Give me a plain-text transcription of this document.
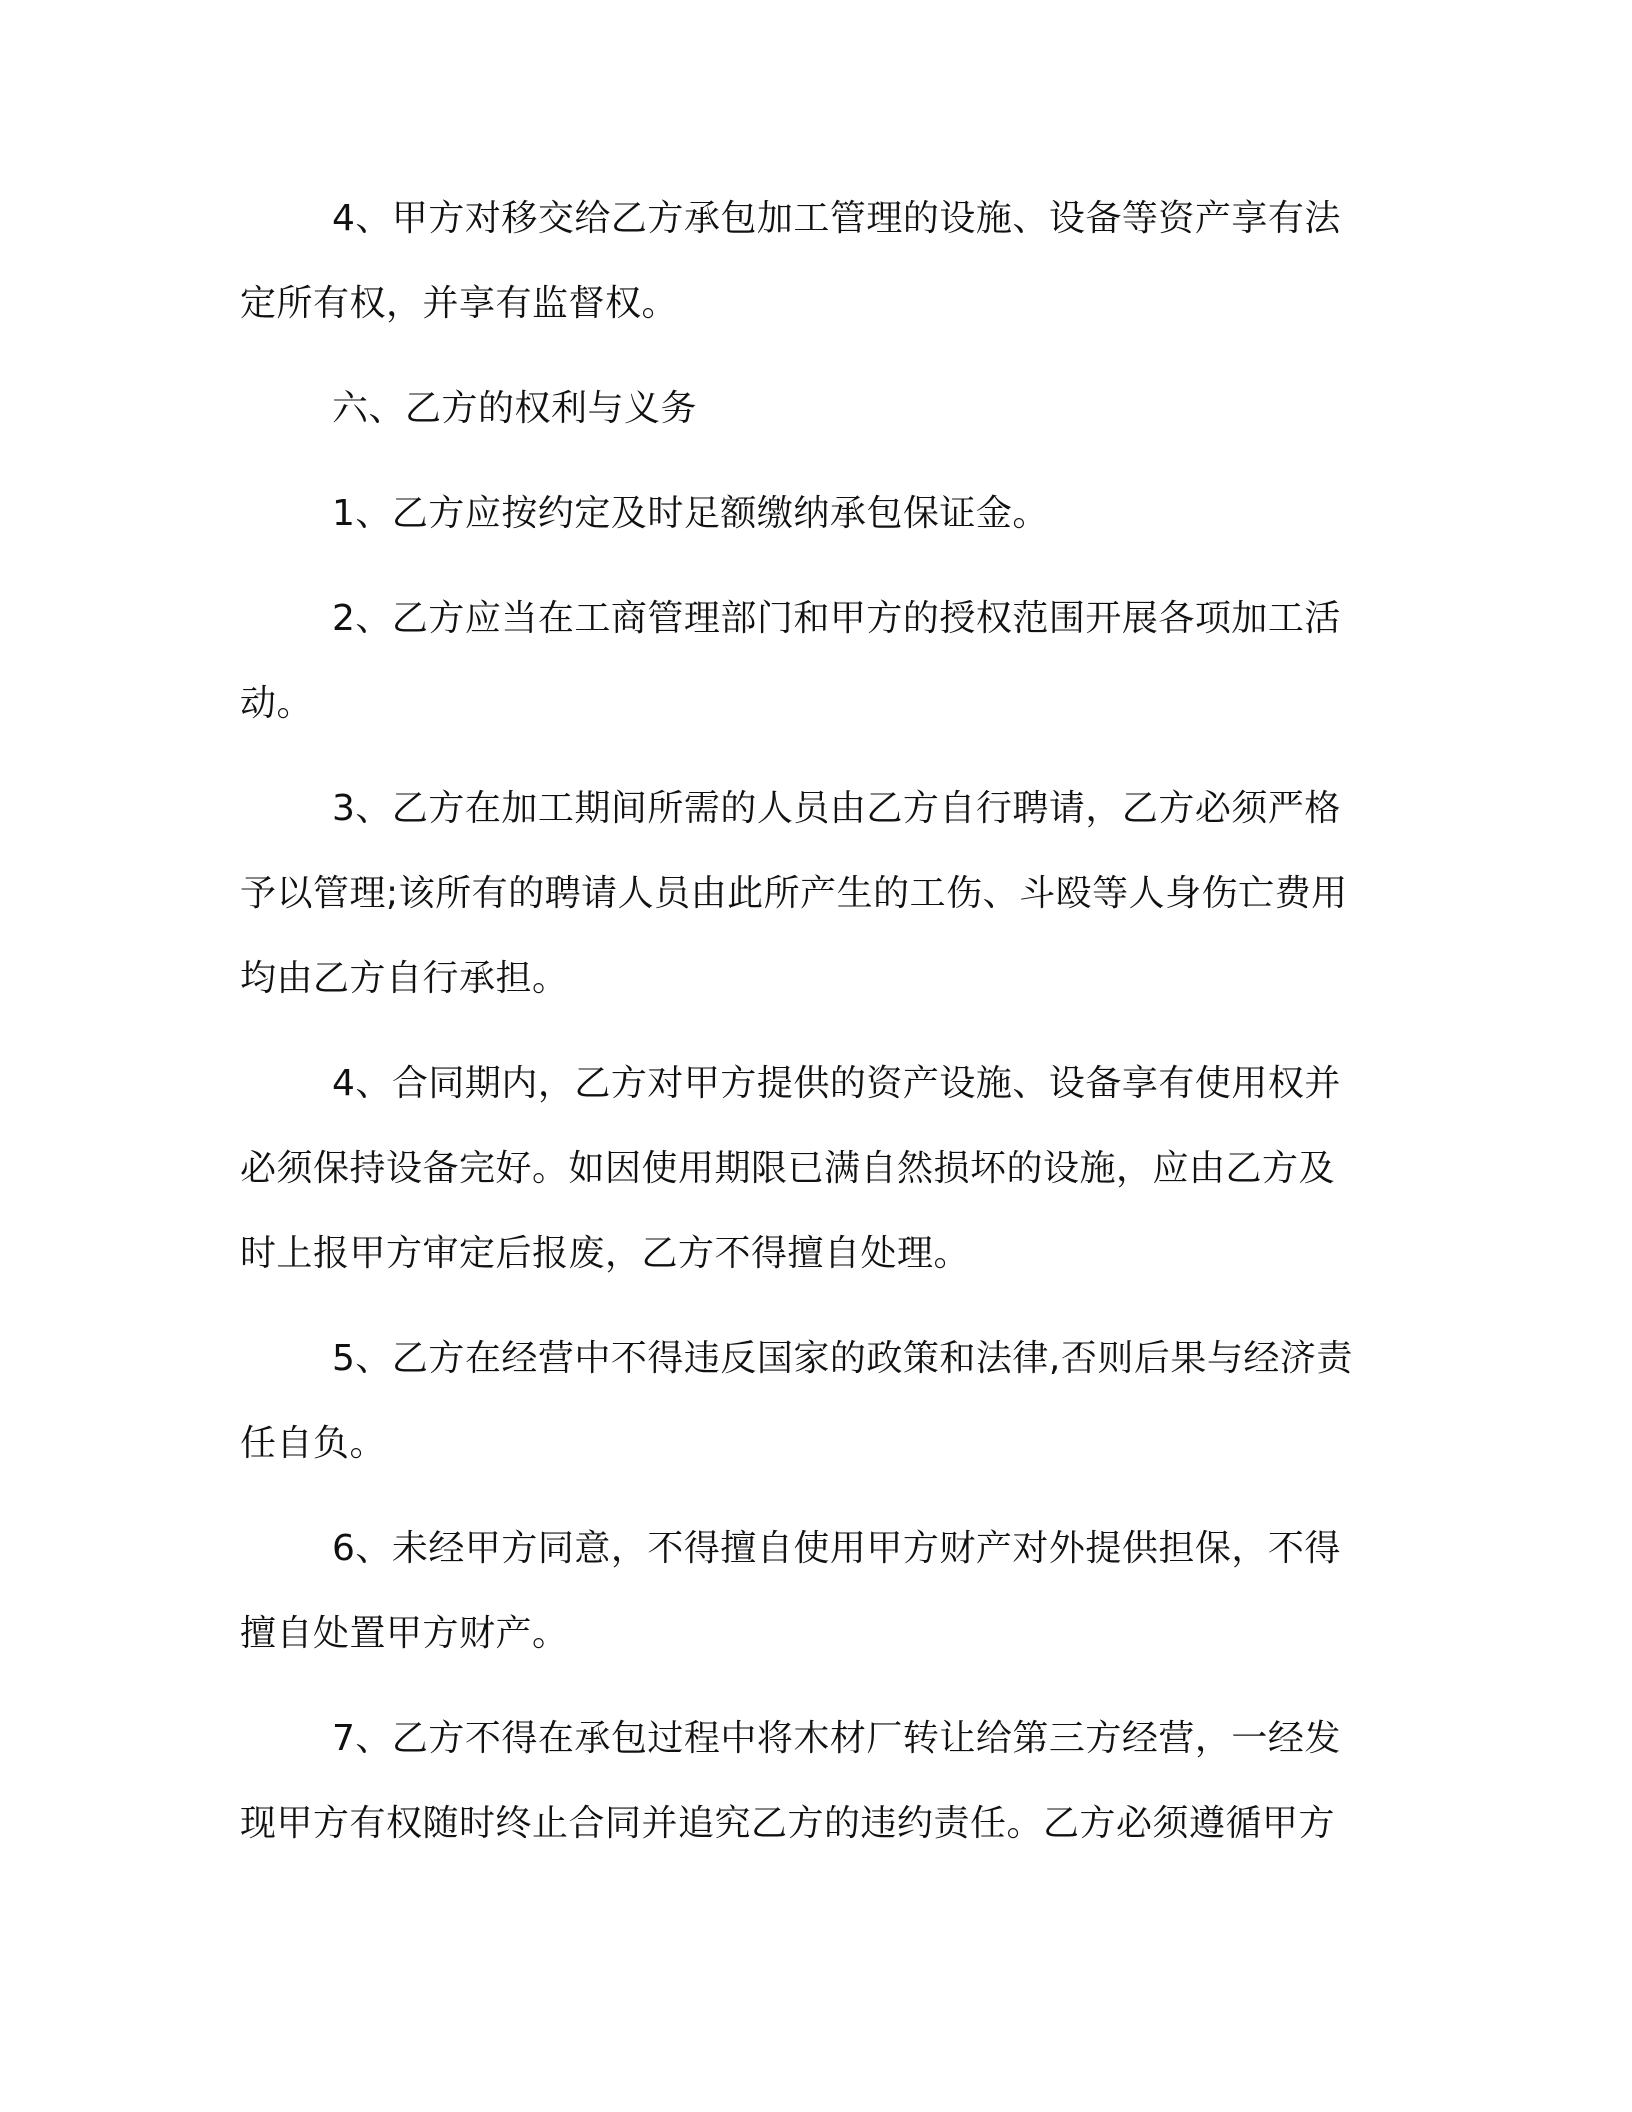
4、甲方对移交给乙方承包加工管理的设施、设备等资产享有法定所有权，并享有监督权。

六、乙方的权利与义务

1、乙方应按约定及时足额缴纳承包保证金。

2、乙方应当在工商管理部门和甲方的授权范围开展各项加工活动。

3、乙方在加工期间所需的人员由乙方自行聘请，乙方必须严格予以管理;该所有的聘请人员由此所产生的工伤、斗殴等人身伤亡费用均由乙方自行承担。

4、合同期内，乙方对甲方提供的资产设施、设备享有使用权并必须保持设备完好。如因使用期限已满自然损坏的设施，应由乙方及时上报甲方审定后报废，乙方不得擅自处理。

5、乙方在经营中不得违反国家的政策和法律,否则后果与经济责任自负。

6、未经甲方同意，不得擅自使用甲方财产对外提供担保，不得擅自处置甲方财产。

7、乙方不得在承包过程中将木材厂转让给第三方经营，一经发现甲方有权随时终止合同并追究乙方的违约责任。乙方必须遵循甲方
